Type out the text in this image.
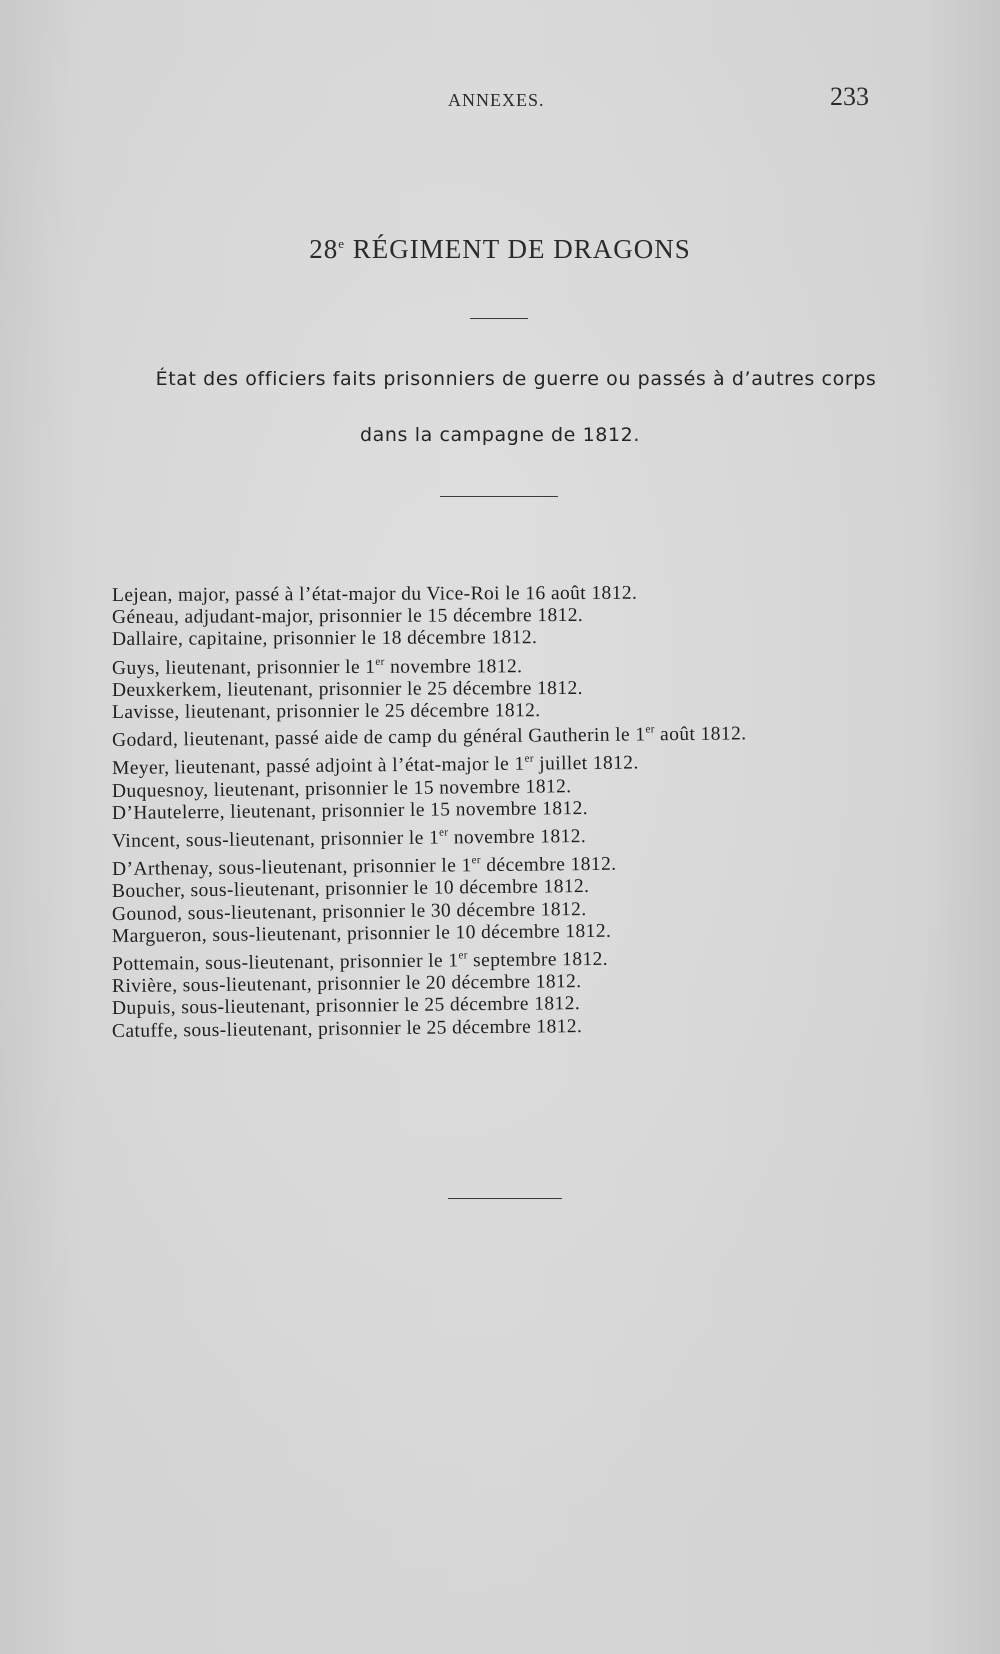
ANNEXES.	233
28e RÉGIMENT DE DRAGONS
État des officiers faits prisonniers de guerre ou passés à d’autres corps
dans la campagne de 1812.
Lejean, major, passé à l’état-major du Vice-Roi le 16 août 1812.
Géneau, adjudant-major, prisonnier le 15 décembre 1812.
Dallaire, capitaine, prisonnier le 18 décembre 1812.
Guys, lieutenant, prisonnier le 1er novembre 1812.
Deuxkerkem, lieutenant, prisonnier le 25 décembre 1812.
Lavisse, lieutenant, prisonnier le 25 décembre 1812.
Godard, lieutenant, passé aide de camp du général Gautherin le 1er août 1812.
Meyer, lieutenant, passé adjoint à l’état-major le 1er juillet 1812.
Duquesnoy, lieutenant, prisonnier le 15 novembre 1812.
D’Hautelerre, lieutenant, prisonnier le 15 novembre 1812.
Vincent, sous-lieutenant, prisonnier le 1er novembre 1812.
D’Arthenay, sous-lieutenant, prisonnier le 1er décembre 1812.
Boucher, sous-lieutenant, prisonnier le 10 décembre 1812.
Gounod, sous-lieutenant, prisonnier le 30 décembre 1812.
Margueron, sous-lieutenant, prisonnier le 10 décembre 1812.
Pottemain, sous-lieutenant, prisonnier le 1er septembre 1812.
Rivière, sous-lieutenant, prisonnier le 20 décembre 1812.
Dupuis, sous-lieutenant, prisonnier le 25 décembre 1812.
Catuffe, sous-lieutenant, prisonnier le 25 décembre 1812.
